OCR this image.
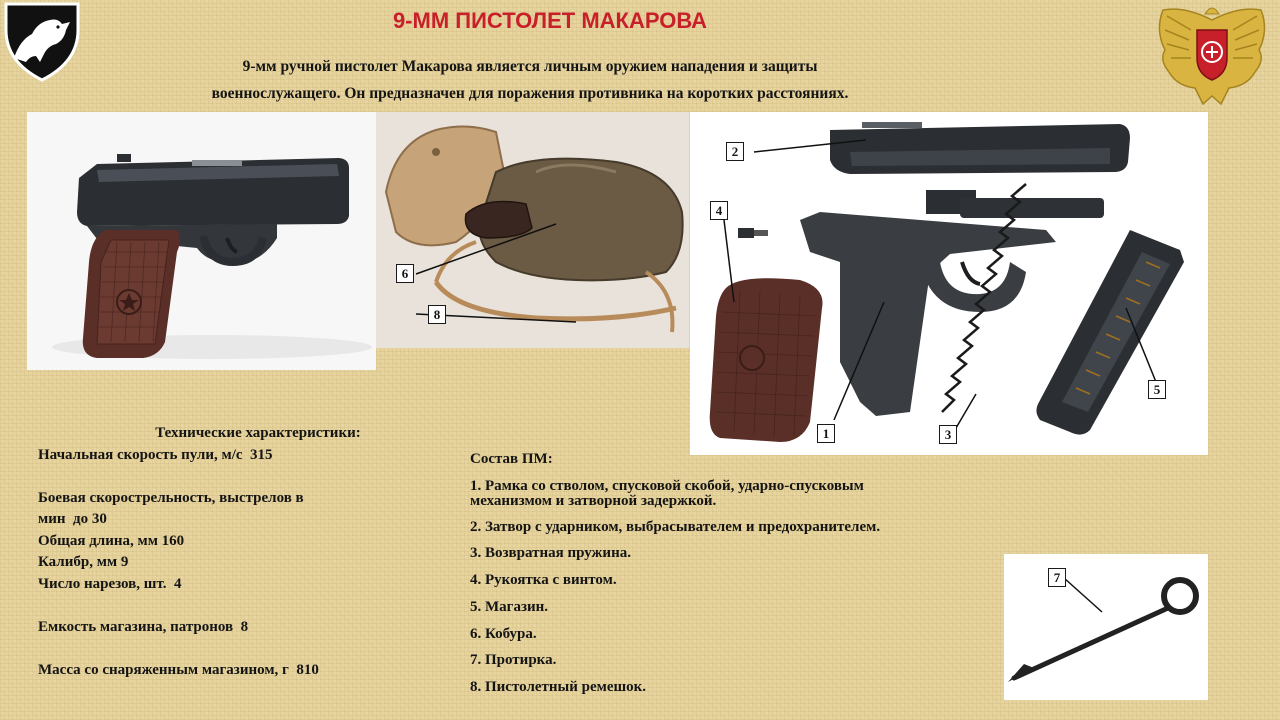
9-ММ ПИСТОЛЕТ МАКАРОВА
9-мм ручной пистолет Макарова является личным оружием нападения и защиты
военнослужащего. Он предназначен для поражения противника на коротких расстояниях.
6
8
2
4
1	3
5
7
Технические характеристики:
Начальная скорость пули, м/с  315

Боевая скорострельность, выстрелов в
мин  до 30
Общая длина, мм 160
Калибр, мм 9
Число нарезов, шт.  4

Емкость магазина, патронов  8

Масса со снаряженным магазином, г  810
Состав ПМ:
1. Рамка со стволом, спусковой скобой, ударно-спусковым
механизмом и затворной задержкой.
2. Затвор с ударником, выбрасывателем и предохранителем.
3. Возвратная пружина.
4. Рукоятка с винтом.
5. Магазин.
6. Кобура.
7. Протирка.
8. Пистолетный ремешок.
